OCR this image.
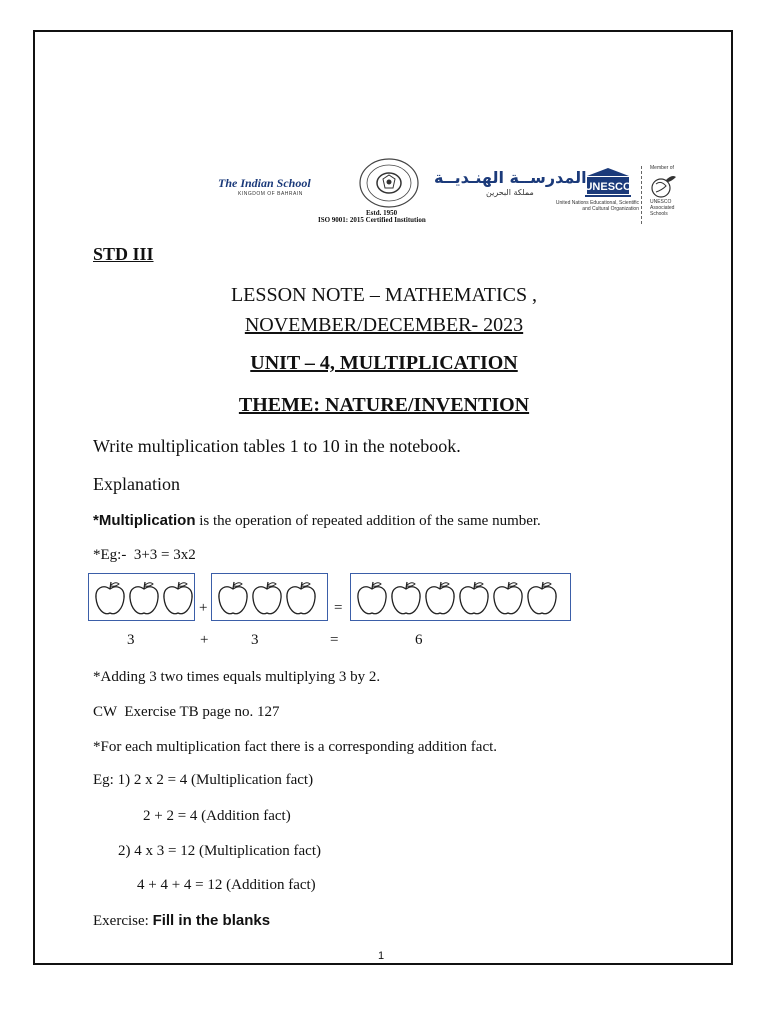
The Indian School
KINGDOM OF BAHRAIN
Estd. 1950
ISO 9001: 2015 Certified Institution
المدرســة الهنـديــة
مملكة البحرين	UNESCO
United Nations Educational, Scientific and Cultural Organization
Member of
UNESCO Associated Schools
STD III
LESSON NOTE – MATHEMATICS ,
NOVEMBER/DECEMBER- 2023
UNIT – 4, MULTIPLICATION
THEME: NATURE/INVENTION
Write multiplication tables 1 to 10 in the notebook.
Explanation
*Multiplication is the operation of repeated addition of the same number.
*Eg:-  3+3 = 3x2
+	=
3	+	3	=	6
*Adding 3 two times equals multiplying 3 by 2.
CW  Exercise TB page no. 127
*For each multiplication fact there is a corresponding addition fact.
Eg: 1) 2 x 2 = 4 (Multiplication fact)
2 + 2 = 4 (Addition fact)
2) 4 x 3 = 12 (Multiplication fact)
4 + 4 + 4 = 12 (Addition fact)
Exercise: Fill in the blanks
1
